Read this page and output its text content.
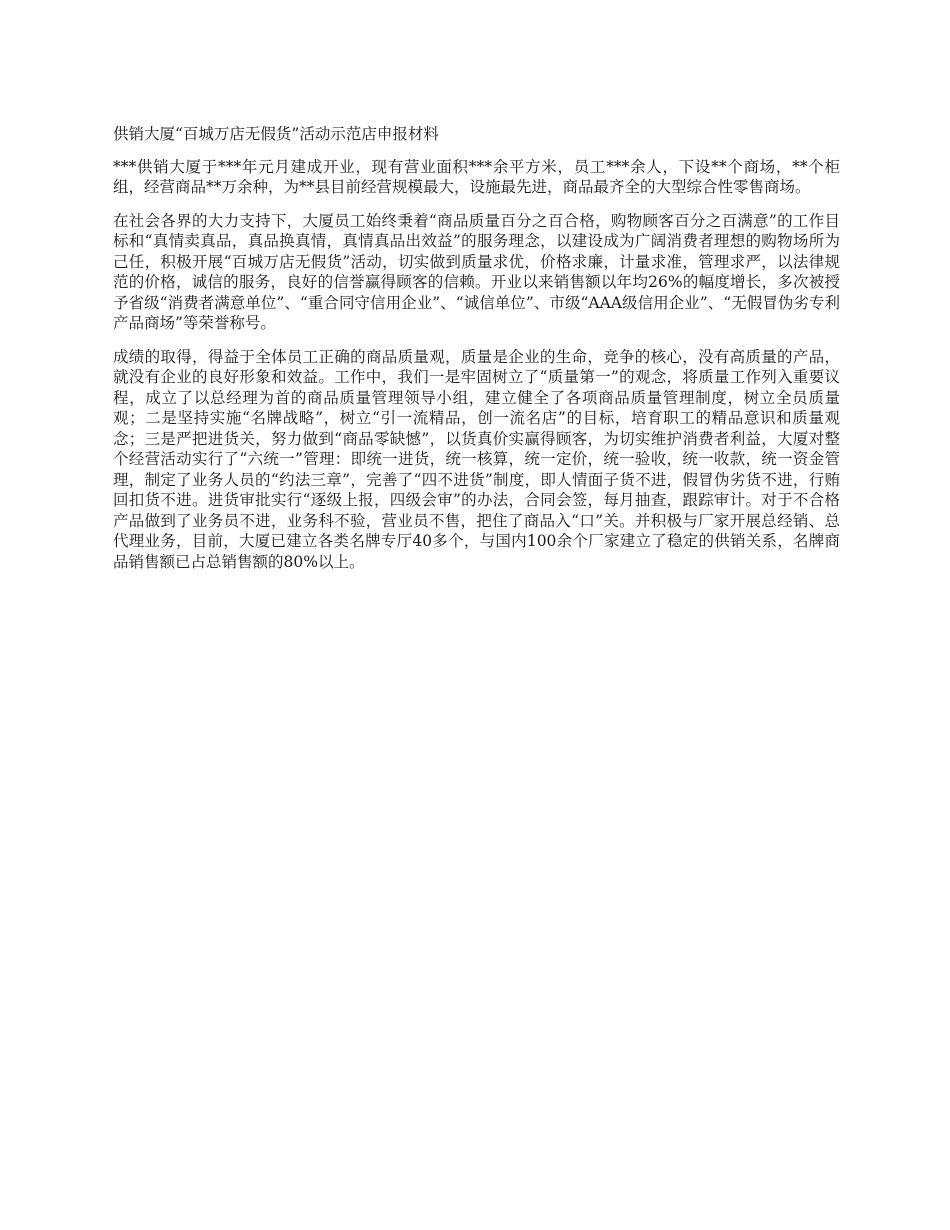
供销大厦“百城万店无假货”活动示范店申报材料

***供销大厦于***年元月建成开业，现有营业面积***余平方米，员工***余人，下设**个商场，**个柜组，经营商品**万余种，为**县目前经营规模最大，设施最先进，商品最齐全的大型综合性零售商场。

在社会各界的大力支持下，大厦员工始终秉着“商品质量百分之百合格，购物顾客百分之百满意”的工作目标和“真情卖真品，真品换真情，真情真品出效益”的服务理念，以建设成为广阔消费者理想的购物场所为己任，积极开展“百城万店无假货”活动，切实做到质量求优，价格求廉，计量求准，管理求严，以法律规范的价格，诚信的服务，良好的信誉赢得顾客的信赖。开业以来销售额以年均26%的幅度增长，多次被授予省级“消费者满意单位”、“重合同守信用企业”、“诚信单位”、市级“AAA级信用企业”、“无假冒伪劣专利产品商场”等荣誉称号。

成绩的取得，得益于全体员工正确的商品质量观，质量是企业的生命，竞争的核心，没有高质量的产品，就没有企业的良好形象和效益。工作中，我们一是牢固树立了“质量第一”的观念，将质量工作列入重要议程，成立了以总经理为首的商品质量管理领导小组，建立健全了各项商品质量管理制度，树立全员质量观；二是坚持实施“名牌战略”，树立“引一流精品，创一流名店”的目标，培育职工的精品意识和质量观念；三是严把进货关，努力做到“商品零缺憾”，以货真价实赢得顾客，为切实维护消费者利益，大厦对整个经营活动实行了“六统一”管理：即统一进货，统一核算，统一定价，统一验收，统一收款，统一资金管理，制定了业务人员的“约法三章”，完善了“四不进货”制度，即人情面子货不进，假冒伪劣货不进，行贿回扣货不进。进货审批实行“逐级上报，四级会审”的办法，合同会签，每月抽查，跟踪审计。对于不合格产品做到了业务员不进，业务科不验，营业员不售，把住了商品入“口”关。并积极与厂家开展总经销、总代理业务，目前，大厦已建立各类名牌专厅40多个，与国内100余个厂家建立了稳定的供销关系，名牌商品销售额已占总销售额的80%以上。
